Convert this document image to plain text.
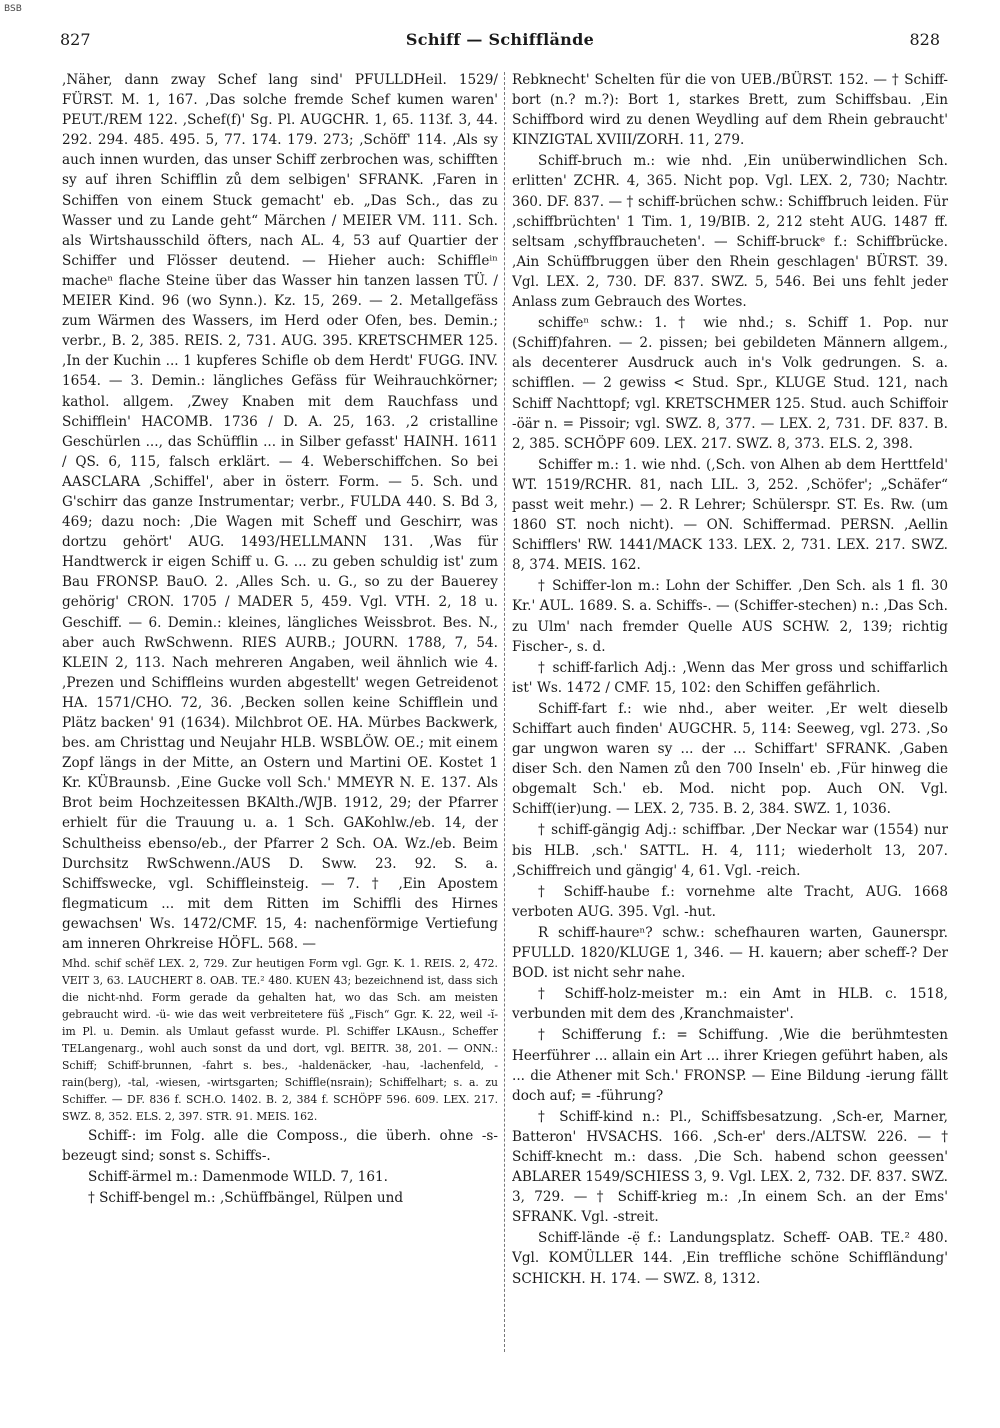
BSB
827	Schiff — Schifflände	828

,Näher, dann zway Schef lang sind' PFULLDHeil. 1529/ FÜRST. M. 1, 167. ,Das solche fremde Schef kumen waren' PEUT./REM 122. ,Schef(f)' Sg. Pl. AUGCHR. 1, 65. 113f. 3, 44. 292. 294. 485. 495. 5, 77. 174. 179. 273; ,Schöff' 114. ,Als sy auch innen wurden, das unser Schiff zerbrochen was, schifften sy auf ihren Schifflin zů dem selbigen' SFRANK. ,Faren in Schiffen von einem Stuck gemacht' eb. „Das Sch., das zu Wasser und zu Lande geht“ Märchen / MEIER VM. 111. Sch. als Wirtshausschild öfters, nach AL. 4, 53 auf Quartier der Schiffer und Flösser deutend. — Hieher auch: Schiffleⁱⁿ macheⁿ flache Steine über das Wasser hin tanzen lassen TÜ. / MEIER Kind. 96 (wo Synn.). Kz. 15, 269. — 2. Metallgefäss zum Wärmen des Wassers, im Herd oder Ofen, bes. Demin.; verbr., B. 2, 385. REIS. 2, 731. AUG. 395. KRETSCHMER 125. ,In der Kuchin ... 1 kupferes Schifle ob dem Herdt' FUGG. INV. 1654. — 3. Demin.: längliches Gefäss für Weihrauchkörner; kathol. allgem. ,Zwey Knaben mit dem Rauchfass und Schifflein' HACOMB. 1736 / D. A. 25, 163. ,2 cristalline Geschürlen ..., das Schüfflin ... in Silber gefasst' HAINH. 1611 / QS. 6, 115, falsch erklärt. — 4. Weberschiffchen. So bei AASCLARA ,Schiffel', aber in österr. Form. — 5. Sch. und G'schirr das ganze Instrumentar; verbr., FULDA 440. S. Bd 3, 469; dazu noch: ,Die Wagen mit Scheff und Geschirr, was dortzu gehört' AUG. 1493/HELLMANN 131. ,Was für Handtwerck ir eigen Schiff u. G. ... zu geben schuldig ist' zum Bau FRONSP. BauO. 2. ,Alles Sch. u. G., so zu der Bauerey gehörig' CRON. 1705 / MADER 5, 459. Vgl. VTH. 2, 18 u. Geschiff. — 6. Demin.: kleines, längliches Weissbrot. Bes. N., aber auch RwSchwenn. RIES AURB.; JOURN. 1788, 7, 54. KLEIN 2, 113. Nach mehreren Angaben, weil ähnlich wie 4. ,Prezen und Schiffleins wurden abgestellt' wegen Getreidenot HA. 1571/CHO. 72, 36. ,Becken sollen keine Schifflein und Plätz backen' 91 (1634). Milchbrot OE. HA. Mürbes Backwerk, bes. am Christtag und Neujahr HLB. WSBLÖW. OE.; mit einem Zopf längs in der Mitte, an Ostern und Martini OE. Kostet 1 Kr. KÜBraunsb. ,Eine Gucke voll Sch.' MMEYR N. E. 137. Als Brot beim Hochzeitessen BKAlth./WJB. 1912, 29; der Pfarrer erhielt für die Trauung u. a. 1 Sch. GAKohlw./eb. 14, der Schultheiss ebenso/eb., der Pfarrer 2 Sch. OA. Wz./eb. Beim Durchsitz RwSchwenn./AUS D. Sww. 23. 92. S. a. Schiffswecke, vgl. Schiffleinsteig. — 7. † ,Ein Apostem flegmaticum ... mit dem Ritten im Schiffli des Hirnes gewachsen' Ws. 1472/CMF. 15, 4: nachenförmige Vertiefung am inneren Ohrkreise HÖFL. 568. —

Mhd. schif schëf LEX. 2, 729. Zur heutigen Form vgl. Ggr. K. 1. REIS. 2, 472. VEIT 3, 63. LAUCHERT 8. OAB. TE.² 480. KUEN 43; bezeichnend ist, dass sich die nicht-nhd. Form gerade da gehalten hat, wo das Sch. am meisten gebraucht wird. -ü- wie das weit verbreitetere füš „Fisch“ Ggr. K. 22, weil -ĭ- im Pl. u. Demin. als Umlaut gefasst wurde. Pl. Schiffer LKAusn., Scheffer TELangenarg., wohl auch sonst da und dort, vgl. BEITR. 38, 201. — ONN.: Schiff; Schiff-brunnen, -fahrt s. bes., -haldenäcker, -hau, -lachenfeld, -rain(berg), -tal, -wiesen, -wirtsgarten; Schiffle(nsrain); Schiffelhart; s. a. zu Schiffer. — DF. 836 f. SCH.O. 1402. B. 2, 384 f. SCHÖPF 596. 609. LEX. 217. SWZ. 8, 352. ELS. 2, 397. STR. 91. MEIS. 162.

Schiff-: im Folg. alle die Composs., die überh. ohne -s- bezeugt sind; sonst s. Schiffs-.

Schiff-ärmel m.: Damenmode WILD. 7, 161.

† Schiff-bengel m.: ,Schüffbängel, Rülpen und

Rebknecht' Schelten für die von UEB./BÜRST. 152. — † Schiff-bort (n.? m.?): Bort 1, starkes Brett, zum Schiffsbau. ,Ein Schiffbord wird zu denen Weydling auf dem Rhein gebraucht' KINZIGTAL XVIII/ZORH. 11, 279.

Schiff-bruch m.: wie nhd. ,Ein unüberwindlichen Sch. erlitten' ZCHR. 4, 365. Nicht pop. Vgl. LEX. 2, 730; Nachtr. 360. DF. 837. — † schiff-brüchen schw.: Schiffbruch leiden. Für ,schiffbrüchten' 1 Tim. 1, 19/BIB. 2, 212 steht AUG. 1487 ff. seltsam ,schyffbraucheten'. — Schiff-bruckᵉ f.: Schiffbrücke. ,Ain Schüffbruggen über den Rhein geschlagen' BÜRST. 39. Vgl. LEX. 2, 730. DF. 837. SWZ. 5, 546. Bei uns fehlt jeder Anlass zum Gebrauch des Wortes.

schiffeⁿ schw.: 1. † wie nhd.; s. Schiff 1. Pop. nur (Schiff)fahren. — 2. pissen; bei gebildeten Männern allgem., als decenterer Ausdruck auch in's Volk gedrungen. S. a. schifflen. — 2 gewiss < Stud. Spr., KLUGE Stud. 121, nach Schiff Nachttopf; vgl. KRETSCHMER 125. Stud. auch Schiffoir -öär n. = Pissoir; vgl. SWZ. 8, 377. — LEX. 2, 731. DF. 837. B. 2, 385. SCHÖPF 609. LEX. 217. SWZ. 8, 373. ELS. 2, 398.

Schiffer m.: 1. wie nhd. (,Sch. von Alhen ab dem Herttfeld' WT. 1519/RCHR. 81, nach LIL. 3, 252. ,Schöfer'; „Schäfer“ passt weit mehr.) — 2. R Lehrer; Schülerspr. ST. Es. Rw. (um 1860 ST. noch nicht). — ON. Schiffermad. PERSN. ,Aellin Schifflers' RW. 1441/MACK 133. LEX. 2, 731. LEX. 217. SWZ. 8, 374. MEIS. 162.

† Schiffer-lon m.: Lohn der Schiffer. ,Den Sch. als 1 fl. 30 Kr.' AUL. 1689. S. a. Schiffs-. — (Schiffer-stechen) n.: ,Das Sch. zu Ulm' nach fremder Quelle AUS SCHW. 2, 139; richtig Fischer-, s. d.

† schiff-farlich Adj.: ,Wenn das Mer gross und schiffarlich ist' Ws. 1472 / CMF. 15, 102: den Schiffen gefährlich.

Schiff-fart f.: wie nhd., aber weiter. ,Er welt dieselb Schiffart auch finden' AUGCHR. 5, 114: Seeweg, vgl. 273. ,So gar ungwon waren sy ... der ... Schiffart' SFRANK. ,Gaben diser Sch. den Namen zů den 700 Inseln' eb. ,Für hinweg die obgemalt Sch.' eb. Mod. nicht pop. Auch ON. Vgl. Schiff(ier)ung. — LEX. 2, 735. B. 2, 384. SWZ. 1, 1036.

† schiff-gängig Adj.: schiffbar. ,Der Neckar war (1554) nur bis HLB. ,sch.' SATTL. H. 4, 111; wiederholt 13, 207. ,Schiffreich und gängig' 4, 61. Vgl. -reich.

† Schiff-haube f.: vornehme alte Tracht, AUG. 1668 verboten AUG. 395. Vgl. -hut.

R schiff-haureⁿ? schw.: schefhauren warten, Gaunerspr. PFULLD. 1820/KLUGE 1, 346. — H. kauern; aber scheff-? Der BOD. ist nicht sehr nahe.

† Schiff-holz-meister m.: ein Amt in HLB. c. 1518, verbunden mit dem des ,Kranchmaister'.

† Schifferung f.: = Schiffung. ,Wie die berühmtesten Heerführer ... allain ein Art ... ihrer Kriegen geführt haben, als ... die Athener mit Sch.' FRONSP. — Eine Bildung -ierung fällt doch auf; = -führung?

† Schiff-kind n.: Pl., Schiffsbesatzung. ,Sch-er, Marner, Batteron' HVSACHS. 166. ,Sch-er' ders./ALTSW. 226. — † Schiff-knecht m.: dass. ,Die Sch. habend schon geessen' ABLARER 1549/SCHIESS 3, 9. Vgl. LEX. 2, 732. DF. 837. SWZ. 3, 729. — † Schiff-krieg m.: ,In einem Sch. an der Ems' SFRANK. Vgl. -streit.

Schiff-lände -ẹ̈ f.: Landungsplatz. Scheff- OAB. TE.² 480. Vgl. KOMÜLLER 144. ,Ein treffliche schöne Schiffländung' SCHICKH. H. 174. — SWZ. 8, 1312.
